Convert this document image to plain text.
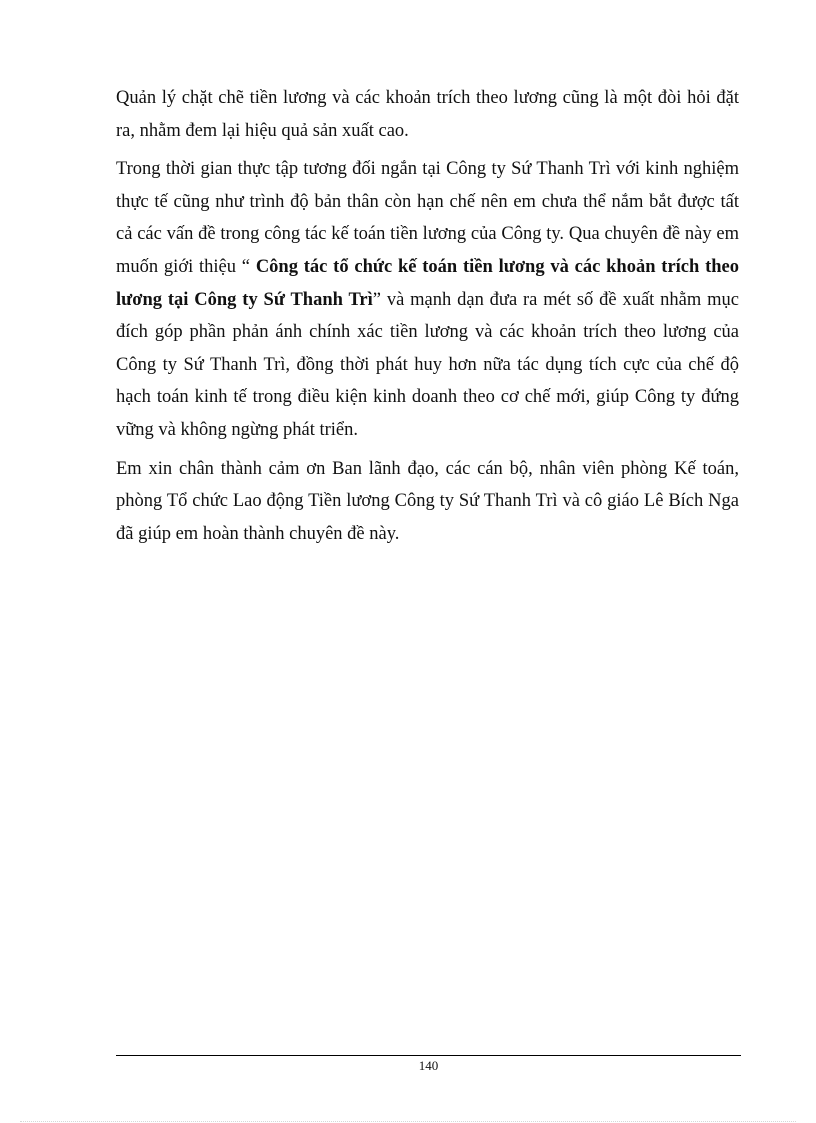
Quản lý chặt chẽ tiền lương và các khoản trích theo lương cũng là một đòi hỏi đặt ra, nhằm đem lại hiệu quả sản xuất cao.

Trong thời gian thực tập tương đối ngắn tại Công ty Sứ Thanh Trì với kinh nghiệm thực tế cũng như trình độ bản thân còn hạn chế nên em chưa thể nắm bắt được tất cả các vấn đề trong công tác kế toán tiền lương của Công ty. Qua chuyên đề này em muốn giới thiệu “ Công tác tổ chức kế toán tiền lương và các khoản trích theo lương tại Công ty Sứ Thanh Trì” và mạnh dạn đưa ra mét số đề xuất nhằm mục đích góp phần phản ánh chính xác tiền lương và các khoản trích theo lương của Công ty Sứ Thanh Trì, đồng thời phát huy hơn nữa tác dụng tích cực của chế độ hạch toán kinh tế trong điều kiện kinh doanh theo cơ chế mới, giúp Công ty đứng vững và không ngừng phát triển.

Em xin chân thành cảm ơn Ban lãnh đạo, các cán bộ, nhân viên phòng Kế toán, phòng Tổ chức Lao động Tiền lương Công ty Sứ Thanh Trì và cô giáo Lê Bích Nga đã giúp em hoàn thành chuyên đề này.

140
